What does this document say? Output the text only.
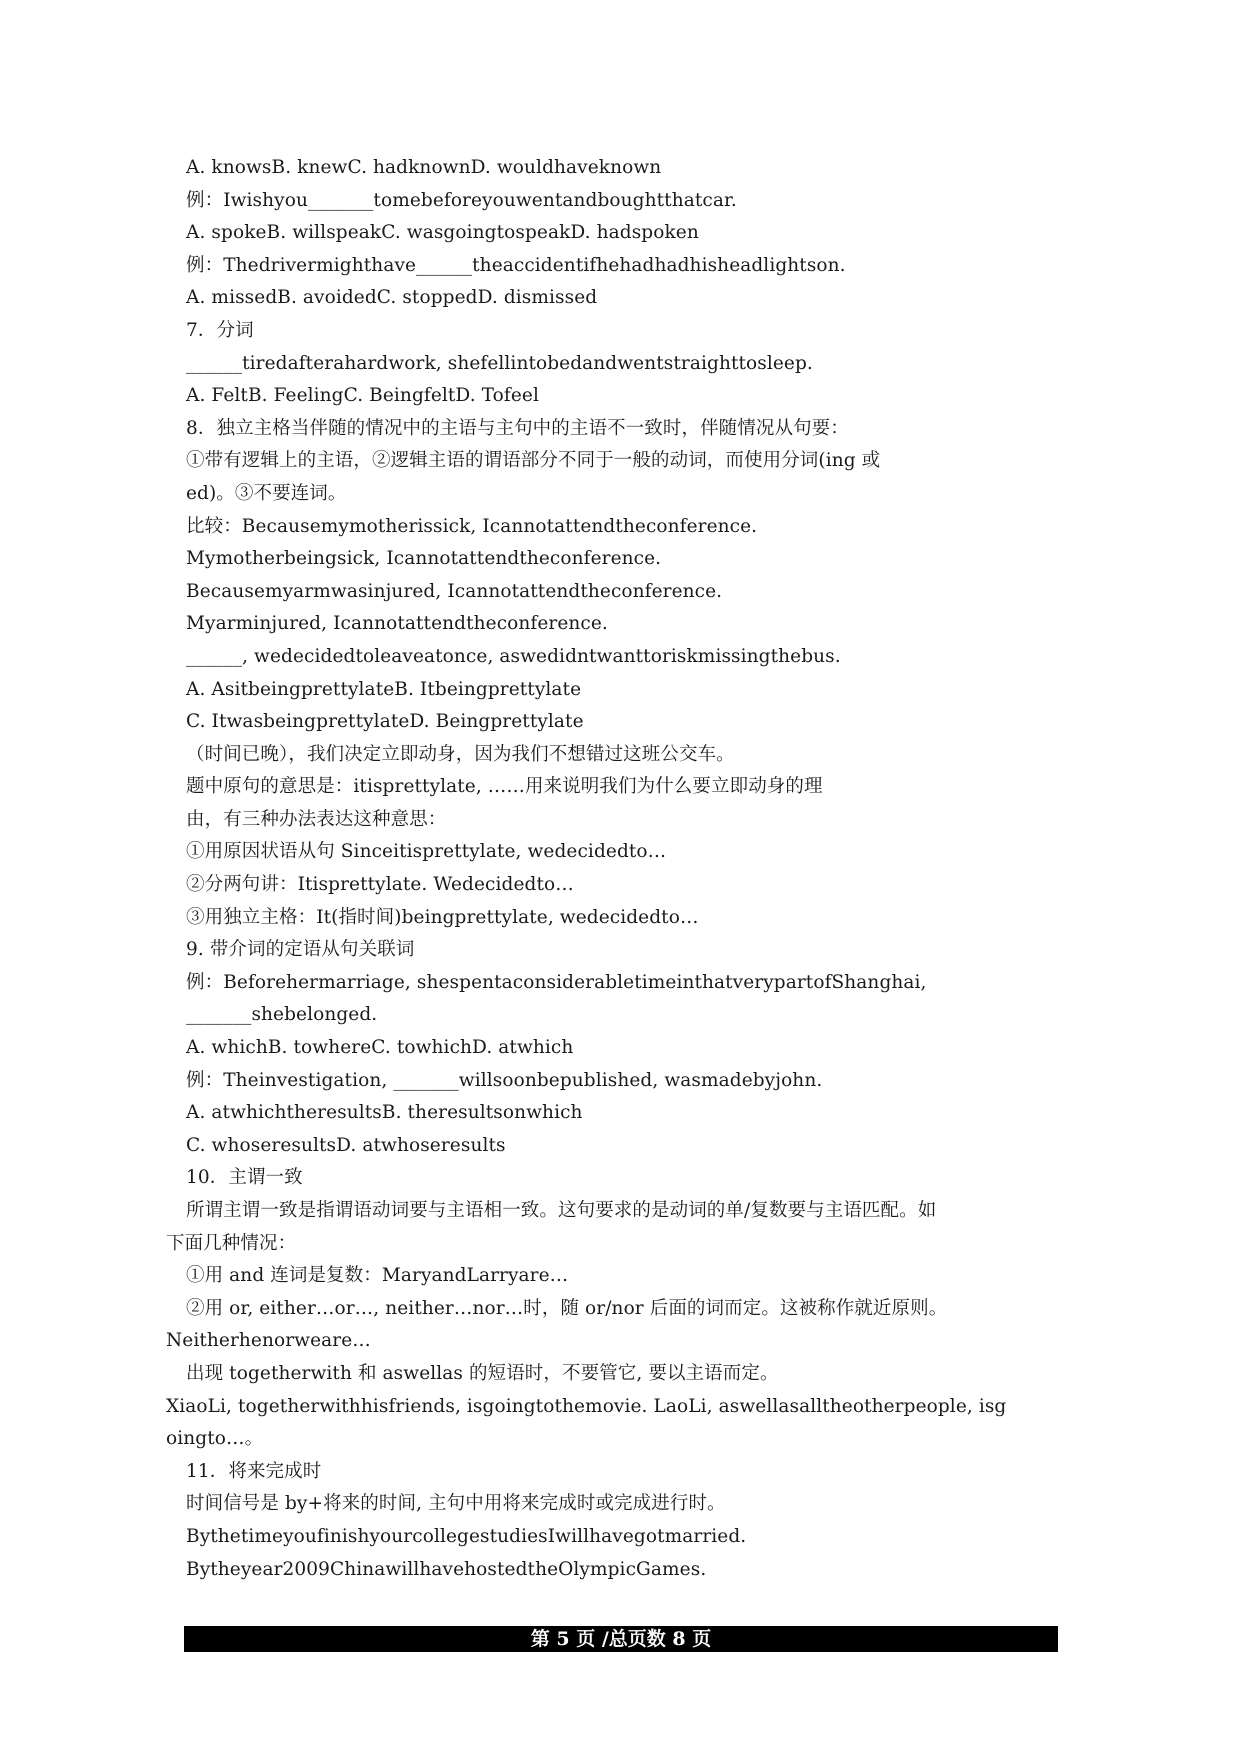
A. knowsB. knewC. hadknownD. wouldhaveknown
例：Iwishyou_______tomebeforeyouwentandboughtthatcar.
A. spokeB. willspeakC. wasgoingtospeakD. hadspoken
例：Thedrivermighthave______theaccidentifhehadhadhisheadlightson.
A. missedB. avoidedC. stoppedD. dismissed
7．分词
______tiredafterahardwork, shefellintobedandwentstraighttosleep.
A. FeltB. FeelingC. BeingfeltD. Tofeel
8．独立主格当伴随的情况中的主语与主句中的主语不一致时，伴随情况从句要：
①带有逻辑上的主语，②逻辑主语的谓语部分不同于一般的动词，而使用分词(ing 或
ed)。③不要连词。
比较：Becausemymotherissick, Icannotattendtheconference.
Mymotherbeingsick, Icannotattendtheconference.
Becausemyarmwasinjured, Icannotattendtheconference.
Myarminjured, Icannotattendtheconference.
______, wedecidedtoleaveatonce, aswedidntwanttoriskmissingthebus.
A. AsitbeingprettylateB. Itbeingprettylate
C. ItwasbeingprettylateD. Beingprettylate
（时间已晚），我们决定立即动身，因为我们不想错过这班公交车。
题中原句的意思是：itisprettylate, ……用来说明我们为什么要立即动身的理
由，有三种办法表达这种意思：
①用原因状语从句 Sinceitisprettylate, wedecidedto…
②分两句讲：Itisprettylate. Wedecidedto…
③用独立主格：It(指时间)beingprettylate, wedecidedto…
9. 带介词的定语从句关联词
例：Beforehermarriage, shespentaconsiderabletimeinthatverypartofShanghai,
_______shebelonged.
A. whichB. towhereC. towhichD. atwhich
例：Theinvestigation, _______willsoonbepublished, wasmadebyjohn.
A. atwhichtheresultsB. theresultsonwhich
C. whoseresultsD. atwhoseresults
10．主谓一致
所谓主谓一致是指谓语动词要与主语相一致。这句要求的是动词的单/复数要与主语匹配。如
下面几种情况：
①用 and 连词是复数：MaryandLarryare…
②用 or, either…or…, neither…nor…时，随 or/nor 后面的词而定。这被称作就近原则。
Neitherhenorweare…
出现 togetherwith 和 aswellas 的短语时，不要管它, 要以主语而定。
XiaoLi, togetherwithhisfriends, isgoingtothemovie. LaoLi, aswellasalltheotherpeople, isg
oingto…。
11．将来完成时
时间信号是 by+将来的时间, 主句中用将来完成时或完成进行时。
BythetimeyoufinishyourcollegestudiesIwillhavegotmarried.
Bytheyear2009ChinawillhavehostedtheOlympicGames.
第 5 页 /总页数 8 页
